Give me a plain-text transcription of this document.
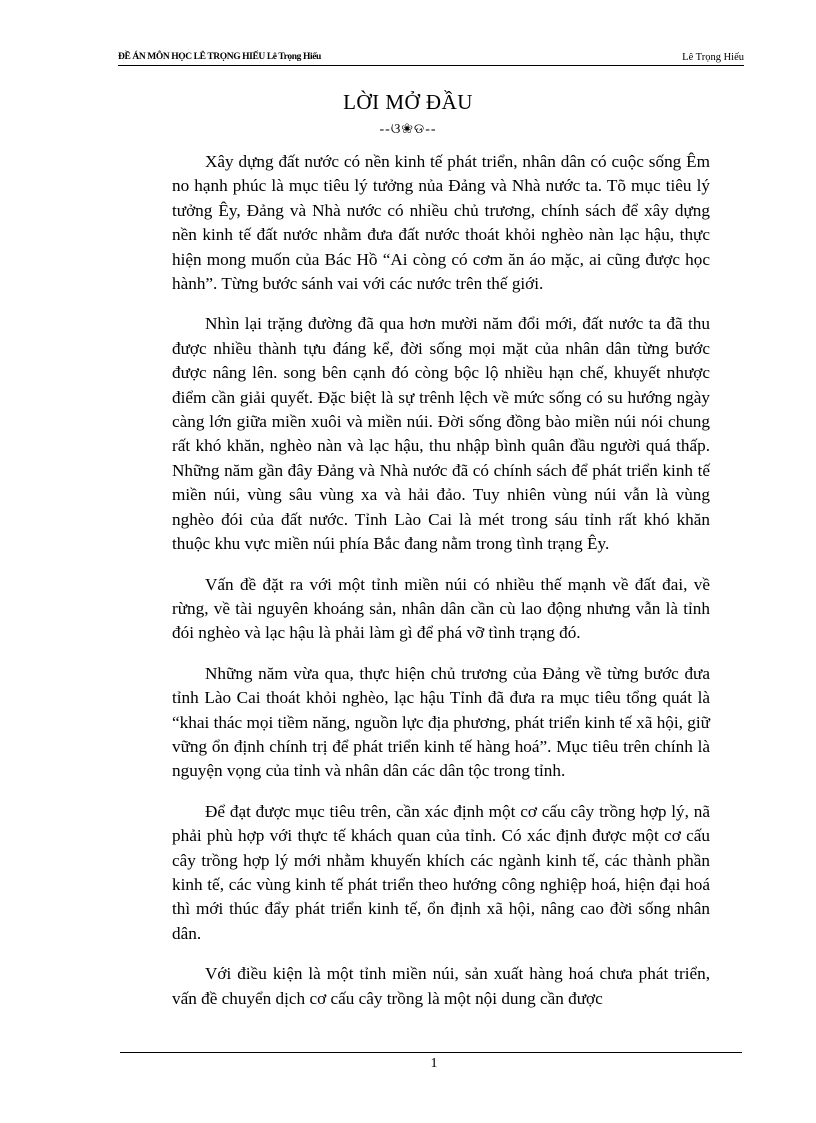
ĐỀ ÁN MÔN HỌC LÊ TRỌNG HIẾU Lê Trọng Hiếu	Lê Trọng Hiếu
LỜI MỞ ĐẦU
--ଓ❀ଡ--

Xây dựng đất nước có nền kinh tế phát triển, nhân dân có cuộc sống Êm no hạnh phúc là mục tiêu lý tưởng nủa Đảng và Nhà nước ta. Tõ mục tiêu lý tưởng Êy, Đảng và Nhà nước có nhiều chủ trương, chính sách để xây dựng nền kinh tế đất nước nhằm đưa đất nước thoát khỏi nghèo nàn lạc hậu, thực hiện mong muốn của Bác Hồ “Ai còng có cơm ăn áo mặc, ai cũng được học hành”. Từng bước sánh vai với các nước trên thế giới.

Nhìn lại trặng đường đã qua hơn mười năm đổi mới, đất nước ta đã thu được nhiều thành tựu đáng kể, đời sống mọi mặt của nhân dân từng bước được nâng lên. song bên cạnh đó còng bộc lộ nhiều hạn chế, khuyết nhược điểm cần giải quyết. Đặc biệt là sự trênh lệch về mức sống có su hướng ngày càng lớn giữa miền xuôi và miền núi. Đời sống đồng bào miền núi nói chung rất khó khăn, nghèo nàn và lạc hậu, thu nhập bình quân đầu người quá thấp. Những năm gần đây Đảng và Nhà nước đã có chính sách để phát triển kinh tế miền núi, vùng sâu vùng xa và hải đảo. Tuy nhiên vùng núi vẫn là vùng nghèo đói của đất nước. Tỉnh Lào Cai là mét trong sáu tỉnh rất khó khăn thuộc khu vực miền núi phía Bắc đang nằm trong tình trạng Êy.

Vấn đề đặt ra với một tỉnh miền núi có nhiều thế mạnh về đất đai, về rừng, về tài nguyên khoáng sản, nhân dân cần cù lao động nhưng vẫn là tỉnh đói nghèo và lạc hậu là phải làm gì để phá vỡ tình trạng đó.

Những năm vừa qua, thực hiện chủ trương của Đảng về từng bước đưa tỉnh Lào Cai thoát khỏi nghèo, lạc hậu Tỉnh đã đưa ra mục tiêu tổng quát là “khai thác mọi tiềm năng, nguồn lực địa phương, phát triển kinh tế xã hội, giữ vững ổn định chính trị để phát triển kinh tế hàng hoá”. Mục tiêu trên chính là nguyện vọng của tỉnh và nhân dân các dân tộc trong tỉnh.

Để đạt được mục tiêu trên, cần xác định một cơ cấu cây trồng hợp lý, nã phải phù hợp với thực tế khách quan của tỉnh. Có xác định được một cơ cấu cây trồng hợp lý mới nhằm khuyến khích các ngành kinh tế, các thành phần kinh tế, các vùng kinh tế phát triển theo hướng công nghiệp hoá, hiện đại hoá thì mới thúc đẩy phát triển kinh tế, ổn định xã hội, nâng cao đời sống nhân dân.

Với điều kiện là một tỉnh miền núi, sản xuất hàng hoá chưa phát triển, vấn đề chuyển dịch cơ cấu cây trồng là một nội dung cần được

1
